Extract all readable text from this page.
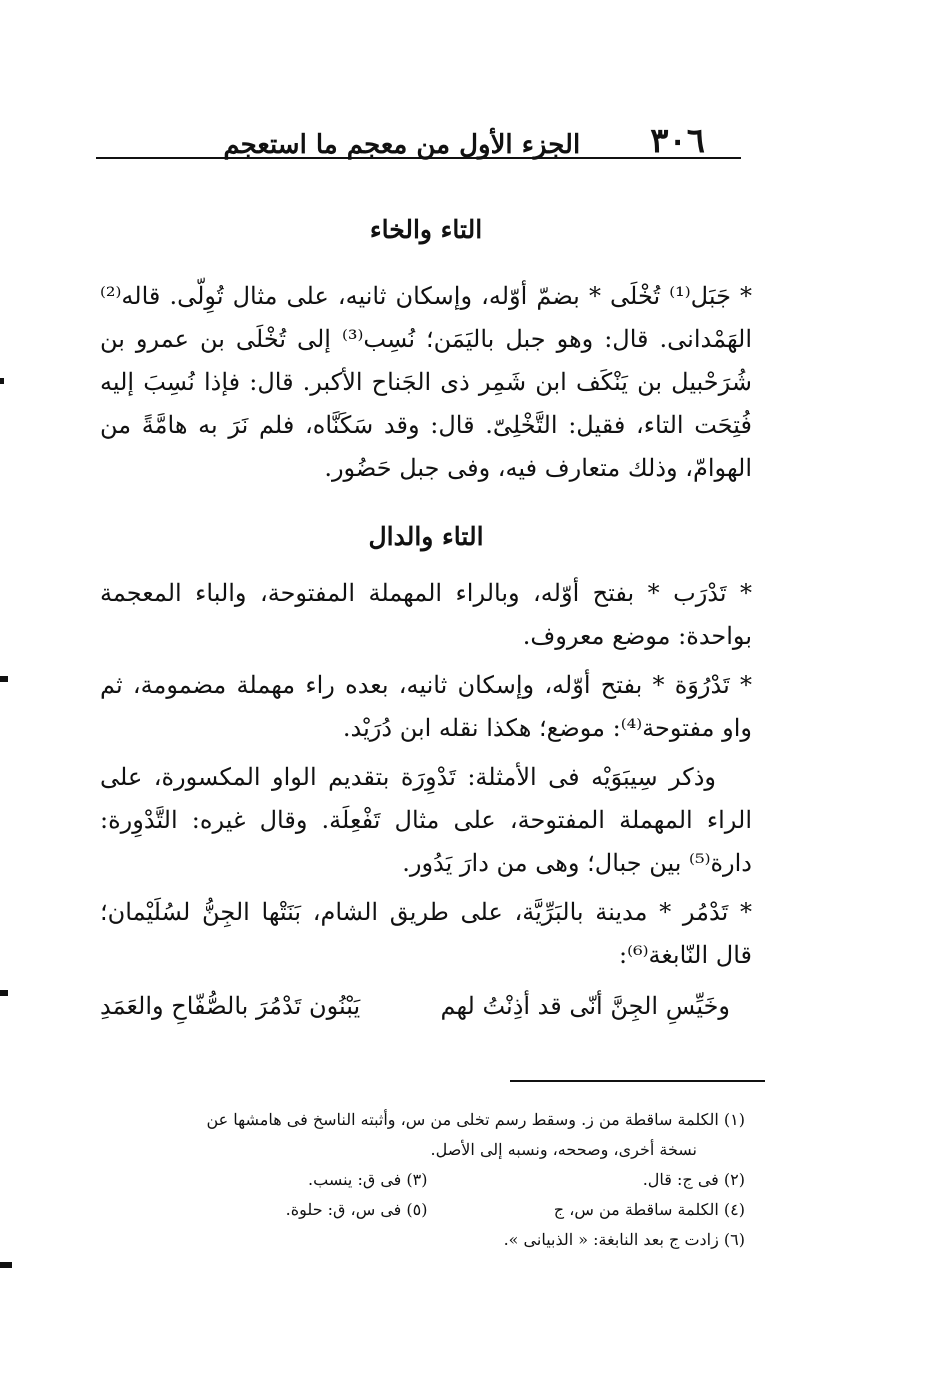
٣٠٦
الجزء الأول من معجم ما استعجم
التاء والخاء

* جَبَل⁽¹⁾ تُخْلَى * بضمّ أوّله، وإسكان ثانيه، على مثال تُوِلّى. قاله⁽²⁾ الهَمْدانى. قال: وهو جبل باليَمَن؛ نُسِب⁽³⁾ إلى تُخْلَى بن عمرو بن شُرَحْبيل بن يَنْكَف ابن شَمِر ذى الجَناح الأكبر. قال: فإذا نُسِبَ إليه فُتِحَت التاء، فقيل: التَّخْلِىّ. قال: وقد سَكَنَّاه، فلم نَرَ به هامَّةً من الهوامّ، وذلك متعارف فيه، وفى جبل حَضُور.

التاء والدال

* تَدْرَب * بفتح أوّله، وبالراء المهملة المفتوحة، والباء المعجمة بواحدة: موضع معروف.

* تَدْرُوَة * بفتح أوّله، وإسكان ثانيه، بعده راء مهملة مضمومة، ثم واو مفتوحة⁽⁴⁾: موضع؛ هكذا نقله ابن دُرَيْد.

وذكر سِيبَوَيْه فى الأمثلة: تَدْوِرَة بتقديم الواو المكسورة، على الراء المهملة المفتوحة، على مثال تَفْعِلَة. وقال غيره: التَّدْوِرة: دارة⁽⁵⁾ بين جبال؛ وهى من دارَ يَدُور.

* تَدْمُر * مدينة بالبَرِّيَّة، على طريق الشام، بَنَتْها الجِنُّ لسُلَيْمان؛ قال النّابغة⁽⁶⁾:

وخَيِّسِ الجِنَّ أنّى قد أذِنْتُ لهم
يَبْنُون تَدْمُرَ بالصُّفّاحِ والعَمَدِ

(١) الكلمة ساقطة من ز. وسقط رسم تخلى من س، وأثبته الناسخ فى هامشها عن

نسخة أخرى، وصححه، ونسبه إلى الأصل.

(٢) فى ج: قال.

(٣) فى ق: ينسب.

(٤) الكلمة ساقطة من س، ج

(٥) فى س، ق: حلوة.

(٦) زادت ج بعد النابغة: « الذبيانى ».
